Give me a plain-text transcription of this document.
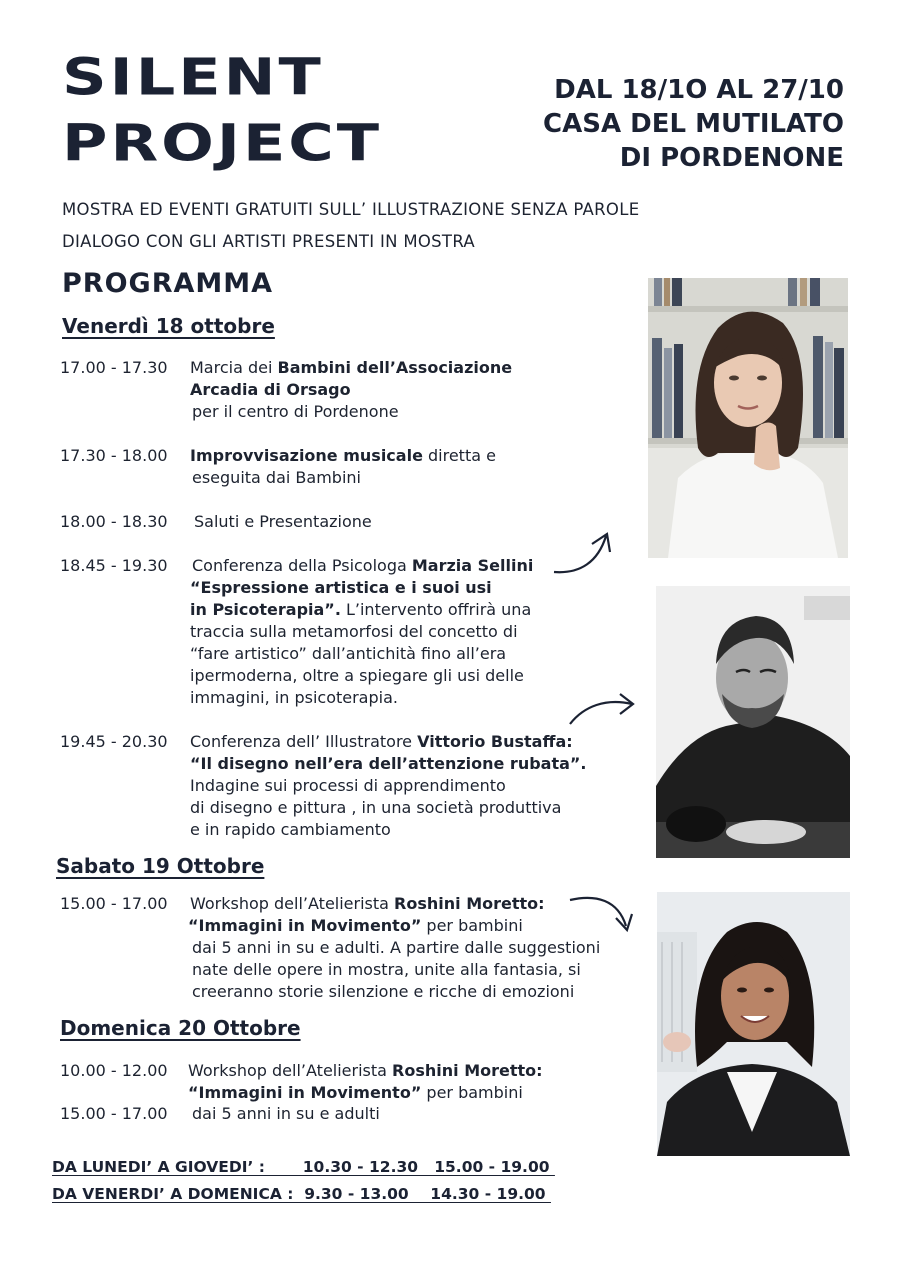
SILENT
PROJECT
DAL 18/1O AL 27/10
CASA DEL MUTILATO
DI PORDENONE
MOSTRA ED EVENTI GRATUITI SULL’ ILLUSTRAZIONE SENZA PAROLE
DIALOGO CON GLI ARTISTI PRESENTI IN MOSTRA
PROGRAMMA
Venerdì 18 ottobre
17.00 - 17.30 Marcia dei Bambini dell’Associazione
Arcadia di Orsago
per il centro di Pordenone
17.30 - 18.00 Improvvisazione musicale diretta e
eseguita dai Bambini
18.00 - 18.30 Saluti e Presentazione
18.45 - 19.30 Conferenza della Psicologa Marzia Sellini
“Espressione artistica e i suoi usi
in Psicoterapia”. L’intervento offrirà una
traccia sulla metamorfosi del concetto di
“fare artistico” dall’antichità fino all’era
ipermoderna, oltre a spiegare gli usi delle
immagini, in psicoterapia.
19.45 - 20.30 Conferenza dell’ Illustratore Vittorio Bustaffa:
“Il disegno nell’era dell’attenzione rubata”.
Indagine sui processi di apprendimento
di disegno e pittura , in una società produttiva
e in rapido cambiamento
Sabato 19 Ottobre
15.00 - 17.00 Workshop dell’Atelierista Roshini Moretto:
“Immagini in Movimento” per bambini
dai 5 anni in su e adulti. A partire dalle suggestioni
nate delle opere in mostra, unite alla fantasia, si
creeranno storie silenzione e ricche di emozioni
Domenica 20 Ottobre
10.00 - 12.00 Workshop dell’Atelierista Roshini Moretto:
“Immagini in Movimento” per bambini
15.00 - 17.00 dai 5 anni in su e adulti
DA LUNEDI’ A GIOVEDI’ :       10.30 - 12.30   15.00 - 19.00
DA VENERDI’ A DOMENICA :  9.30 - 13.00    14.30 - 19.00
